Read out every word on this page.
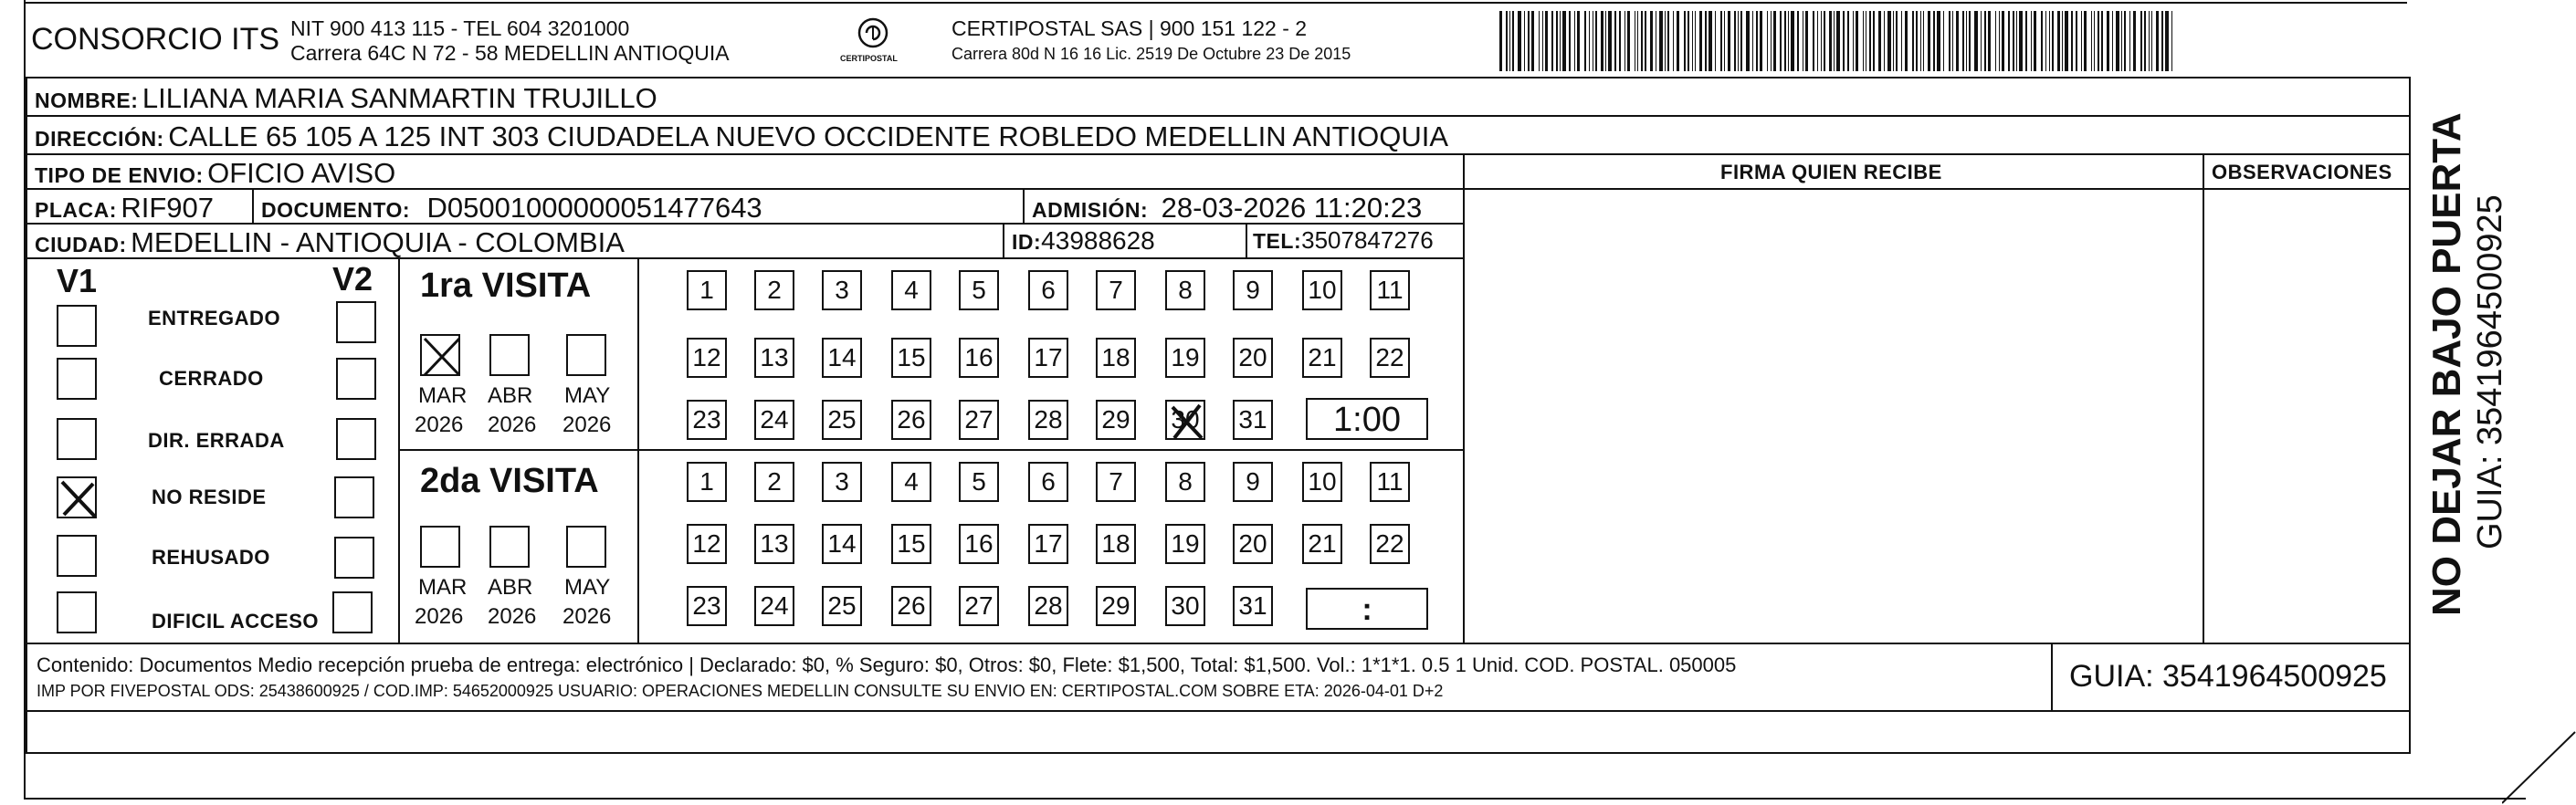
CONSORCIO ITS NIT 900 413 115 - TEL 604 3201000
Carrera 64C N 72 - 58 MEDELLIN ANTIOQUIA	CERTIPOSTAL
CERTIPOSTAL SAS | 900 151 122 - 2
Carrera 80d N 16 16 Lic. 2519 De Octubre 23 De 2015
NOMBRE: LILIANA MARIA SANMARTIN TRUJILLO
DIRECCIÓN: CALLE 65 105 A 125 INT 303 CIUDADELA NUEVO OCCIDENTE ROBLEDO MEDELLIN ANTIOQUIA
TIPO DE ENVIO: OFICIO AVISO
PLACA: RIF907 DOCUMENTO: D05001000000051477643	ADMISIÓN: 28-03-2026 11:20:23
CIUDAD: MEDELLIN - ANTIOQUIA - COLOMBIA	ID:43988628	TEL:3507847276
FIRMA QUIEN RECIBE	OBSERVACIONES
V1	V2
ENTREGADO
CERRADO
DIR. ERRADA
NO RESIDE
REHUSADO
DIFICIL ACCESO
1ra VISITA
MAR ABR MAY
2026 2026 2026
1	2	3	4	5	6	7	8	9	10 11
12 13 14 15 16 17 18 19 20 21 22
23 24 25 26 27 28 29 30 31	1:00
2da VISITA
MAR ABR MAY
2026 2026 2026
1	2	3	4	5	6	7	8	9	10 11
12 13 14 15 16 17 18 19 20 21 22
23 24 25 26 27 28 29 30 31	:
Contenido: Documentos Medio recepción prueba de entrega: electrónico | Declarado: $0, % Seguro: $0, Otros: $0, Flete: $1,500, Total: $1,500. Vol.: 1*1*1. 0.5 1 Unid. COD. POSTAL. 050005
IMP POR FIVEPOSTAL ODS: 25438600925 / COD.IMP: 54652000925 USUARIO: OPERACIONES MEDELLIN CONSULTE SU ENVIO EN: CERTIPOSTAL.COM SOBRE ETA: 2026-04-01 D+2	GUIA: 3541964500925
NO DEJAR BAJO PUERTA GUIA: 3541964500925
